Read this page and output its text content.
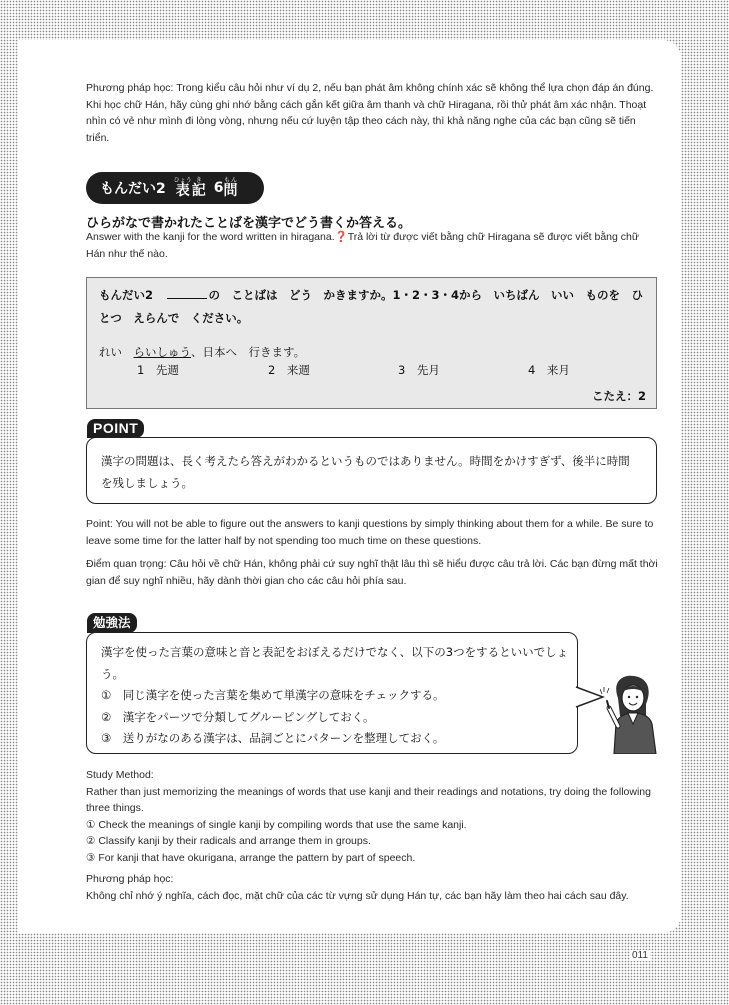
Phương pháp học: Trong kiểu câu hỏi như ví dụ 2, nếu bạn phát âm không chính xác sẽ không thể lựa chọn đáp án đúng. Khi học chữ Hán, hãy cùng ghi nhớ bằng cách gắn kết giữa âm thanh và chữ Hiragana, rồi thử phát âm xác nhận. Thoạt nhìn có vẻ như mình đi lòng vòng, nhưng nếu cứ luyện tập theo cách này, thì khả năng nghe của các bạn cũng sẽ tiến triển.
もんだい2 表ひょう
記き 6 問もん
ひらがなで書かれたことばを漢字でどう書くか答える。
Answer with the kanji for the word written in hiragana.❓Trả lời từ được viết bằng chữ Hiragana sẽ được viết bằng chữ Hán như thế nào.
もんだい2　	の　ことばは　どう　かきますか。1・2・3・4から　いちばん　いい　ものを　ひとつ　えらんで　ください。
れい　 らいしゅう、日本へ　行きます。
1　 先週	2　 来週	3　 先月	4　 来月
こたえ：2
POINT
漢字の問題は、長く考えたら答えがわかるというものではありません。時間をかけすぎず、後半に時間を残しましょう。
Point: You will not be able to figure out the answers to kanji questions by simply thinking about them for a while. Be sure to leave some time for the latter half by not spending too much time on these questions.
Điểm quan trọng: Câu hỏi về chữ Hán, không phải cứ suy nghĩ thật lâu thì sẽ hiểu được câu trả lời. Các bạn đừng mất thời gian để suy nghĩ nhiều, hãy dành thời gian cho các câu hỏi phía sau.
勉強法
漢字を使った言葉の意味と音と表記をおぼえるだけでなく、以下の3つをするといいでしょう。
①　同じ漢字を使った言葉を集めて単漢字の意味をチェックする。
②　漢字をパーツで分類してグルーピングしておく。
③　送りがなのある漢字は、品詞ごとにパターンを整理しておく。
Study Method:
Rather than just memorizing the meanings of words that use kanji and their readings and notations, try doing the following three things.
① Check the meanings of single kanji by compiling words that use the same kanji.
② Classify kanji by their radicals and arrange them in groups.
③ For kanji that have okurigana, arrange the pattern by part of speech.
Phương pháp học:
Không chỉ nhớ ý nghĩa, cách đọc, mặt chữ của các từ vựng sử dụng Hán tự, các bạn hãy làm theo hai cách sau đây.
011
